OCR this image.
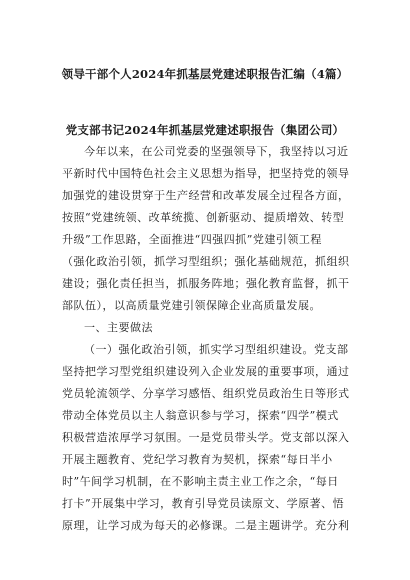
领导干部个人2024年抓基层党建述职报告汇编（4篇）
党支部书记2024年抓基层党建述职报告（集团公司）
今年以来，在公司党委的坚强领导下，我坚持以习近
平新时代中国特色社会主义思想为指导，把坚持党的领导
加强党的建设贯穿于生产经营和改革发展全过程各方面，
按照“党建统领、改革统揽、创新驱动、提质增效、转型
升级”工作思路，全面推进“四强四抓”党建引领工程
（强化政治引领，抓学习型组织；强化基础规范，抓组织
建设；强化责任担当，抓服务阵地；强化教育监督，抓干
部队伍），以高质量党建引领保障企业高质量发展。
一、主要做法
（一）强化政治引领，抓实学习型组织建设。党支部
坚持把学习型党组织建设列入企业发展的重要事项，通过
党员轮流领学、分享学习感悟、组织党员政治生日等形式
带动全体党员以主人翁意识参与学习，探索“四学”模式
积极营造浓厚学习氛围。一是党员带头学。党支部以深入
开展主题教育、党纪学习教育为契机，探索“每日半小
时”午间学习机制，在不影响主责主业工作之余，“每日
打卡”开展集中学习，教育引导党员读原文、学原著、悟
原理，让学习成为每天的必修课。二是主题讲学。充分利
